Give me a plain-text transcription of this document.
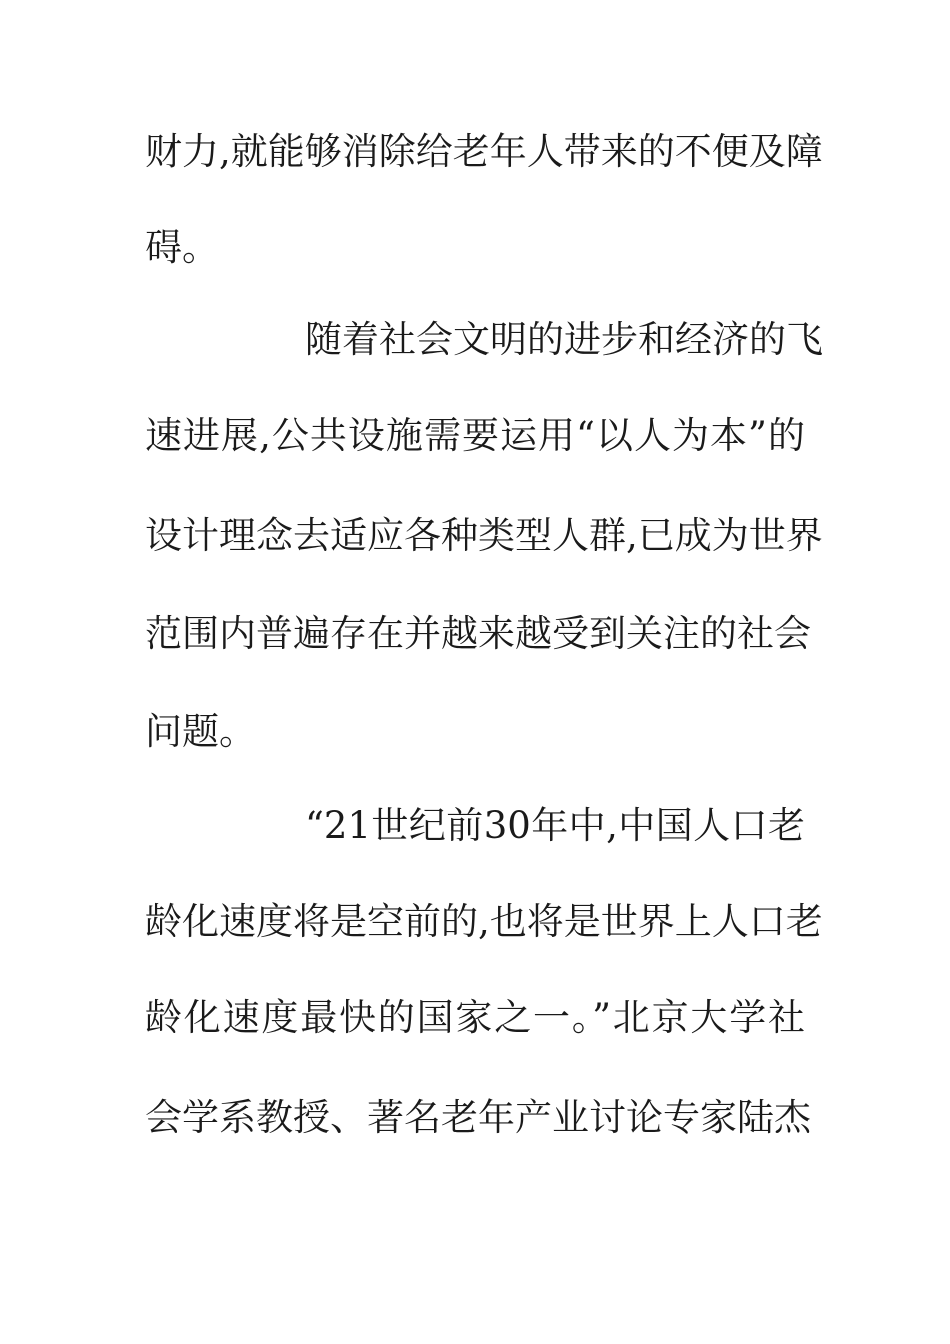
财力,就能够消除给老年人带来的不便及障
碍。
随着社会文明的进步和经济的飞
速进展,公共设施需要运用“以人为本”的
设计理念去适应各种类型人群,已成为世界
范围内普遍存在并越来越受到关注的社会
问题。
“21世纪前30年中,中国人口老
龄化速度将是空前的,也将是世界上人口老
龄化速度最快的国家之一。”北京大学社
会学系教授、著名老年产业讨论专家陆杰
